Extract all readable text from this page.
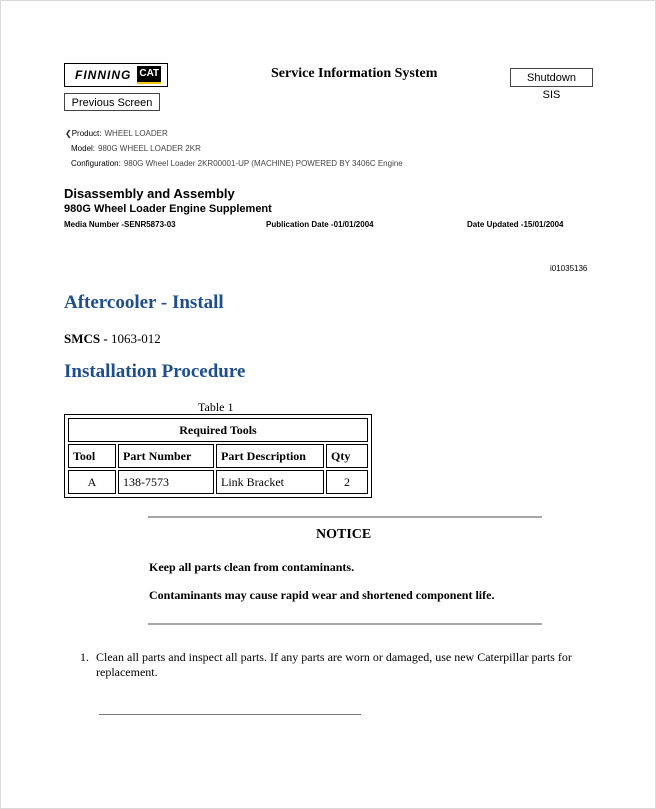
FINNING CAT	Service Information System	Shutdown SIS
Previous Screen
❮Product: WHEEL LOADER
Model: 980G WHEEL LOADER 2KR
Configuration: 980G Wheel Loader 2KR00001-UP (MACHINE) POWERED BY 3406C Engine
Disassembly and Assembly
980G Wheel Loader Engine Supplement
Media Number -SENR5873-03	Publication Date -01/01/2004	Date Updated -15/01/2004
i01035136
Aftercooler - Install
SMCS - 1063-012
Installation Procedure
Table 1
Required Tools			
Tool	Part Number	Part Description	Qty
A	138-7573	Link Bracket	2
NOTICE
Keep all parts clean from contaminants.
Contaminants may cause rapid wear and shortened component life.
1. Clean all parts and inspect all parts. If any parts are worn or damaged, use new Caterpillar parts for replacement.
